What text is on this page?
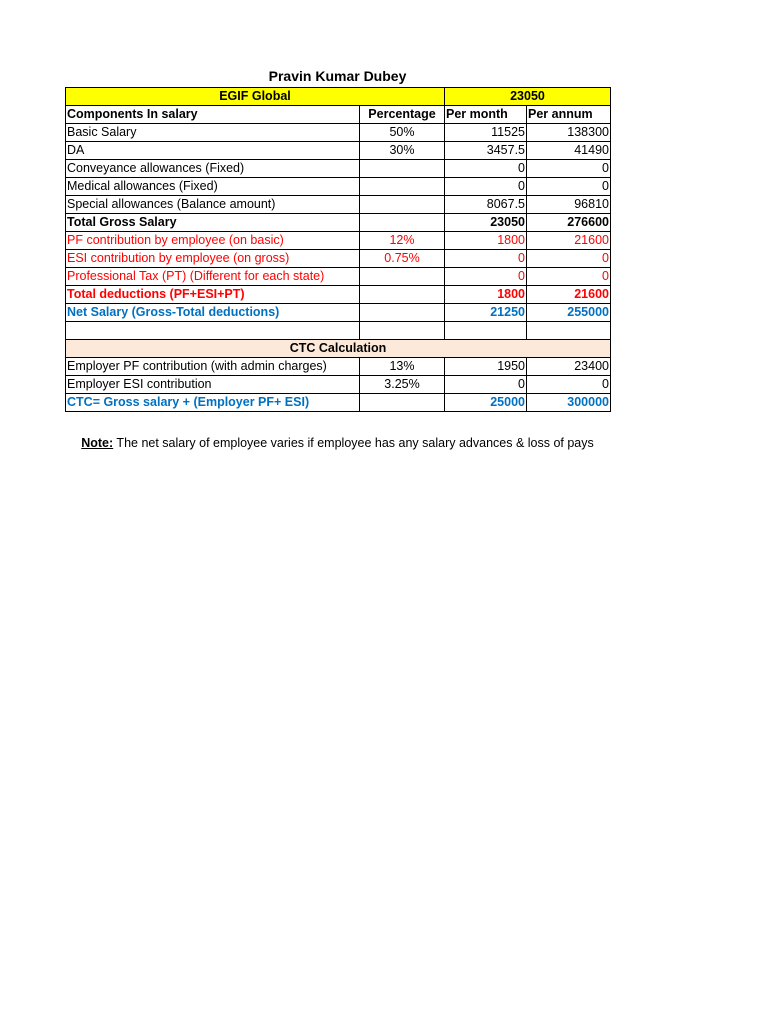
Pravin Kumar Dubey
EGIF Global		23050	
Components In salary	Percentage	Per month	Per annum
Basic Salary	50%	11525	138300
DA	30%	3457.5	41490
Conveyance allowances (Fixed)		0	0
Medical allowances (Fixed)		0	0
Special allowances (Balance amount)		8067.5	96810
Total Gross Salary		23050	276600
PF contribution by employee (on basic)	12%	1800	21600
ESI contribution by employee (on gross)	0.75%	0	0
Professional Tax (PT) (Different for each state)		0	0
Total deductions (PF+ESI+PT)		1800	21600
Net Salary (Gross-Total deductions)		21250	255000

CTC Calculation			
Employer PF contribution (with admin charges)	13%	1950	23400
Employer ESI contribution	3.25%	0	0
CTC= Gross salary + (Employer PF+ ESI)		25000	300000
Note: The net salary of employee varies if employee has any salary advances & loss of pays
